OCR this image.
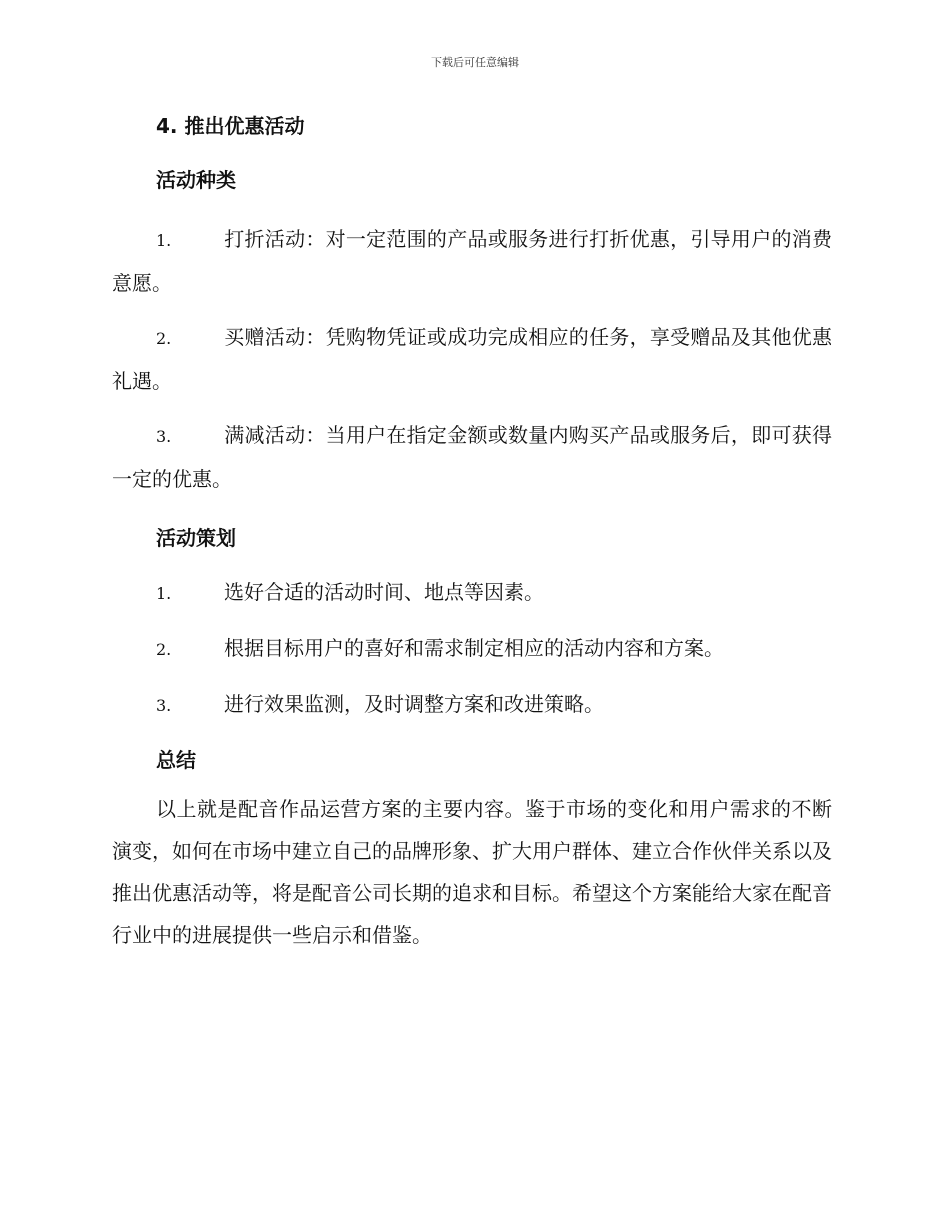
下载后可任意编辑
4. 推出优惠活动
活动种类
1.	打折活动：对一定范围的产品或服务进行打折优惠，引导用户的消费意愿。
2.	买赠活动：凭购物凭证或成功完成相应的任务，享受赠品及其他优惠礼遇。
3.	满减活动：当用户在指定金额或数量内购买产品或服务后，即可获得一定的优惠。
活动策划
1.	选好合适的活动时间、地点等因素。
2.	根据目标用户的喜好和需求制定相应的活动内容和方案。
3.	进行效果监测，及时调整方案和改进策略。
总结

以上就是配音作品运营方案的主要内容。鉴于市场的变化和用户需求的不断演变，如何在市场中建立自己的品牌形象、扩大用户群体、建立合作伙伴关系以及推出优惠活动等，将是配音公司长期的追求和目标。希望这个方案能给大家在配音行业中的进展提供一些启示和借鉴。
